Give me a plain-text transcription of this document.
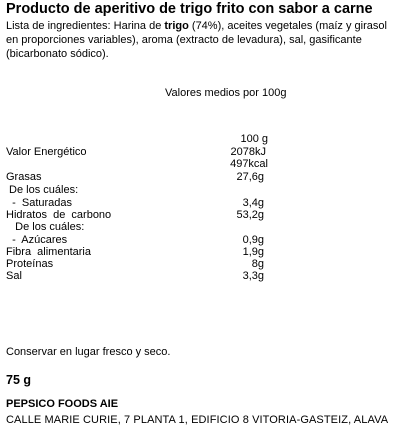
Producto de aperitivo de trigo frito con sabor a carne
Lista de ingredientes: Harina de trigo (74%), aceites vegetales (maíz y girasol en proporciones variables), aroma (extracto de levadura), sal, gasificante (bicarbonato sódico).
Valores medios por 100g
100 g
Valor Energético	2078kJ
497kcal
Grasas	27,6g
De los cuáles:
-  Saturadas	3,4g
Hidratos  de  carbono	53,2g
De los cuáles:
-  Azúcares	0,9g
Fibra  alimentaria	1,9g
Proteínas	8g
Sal	3,3g
Conservar en lugar fresco y seco.
75 g
PEPSICO FOODS AIE
CALLE MARIE CURIE, 7 PLANTA 1, EDIFICIO 8 VITORIA-GASTEIZ, ALAVA
